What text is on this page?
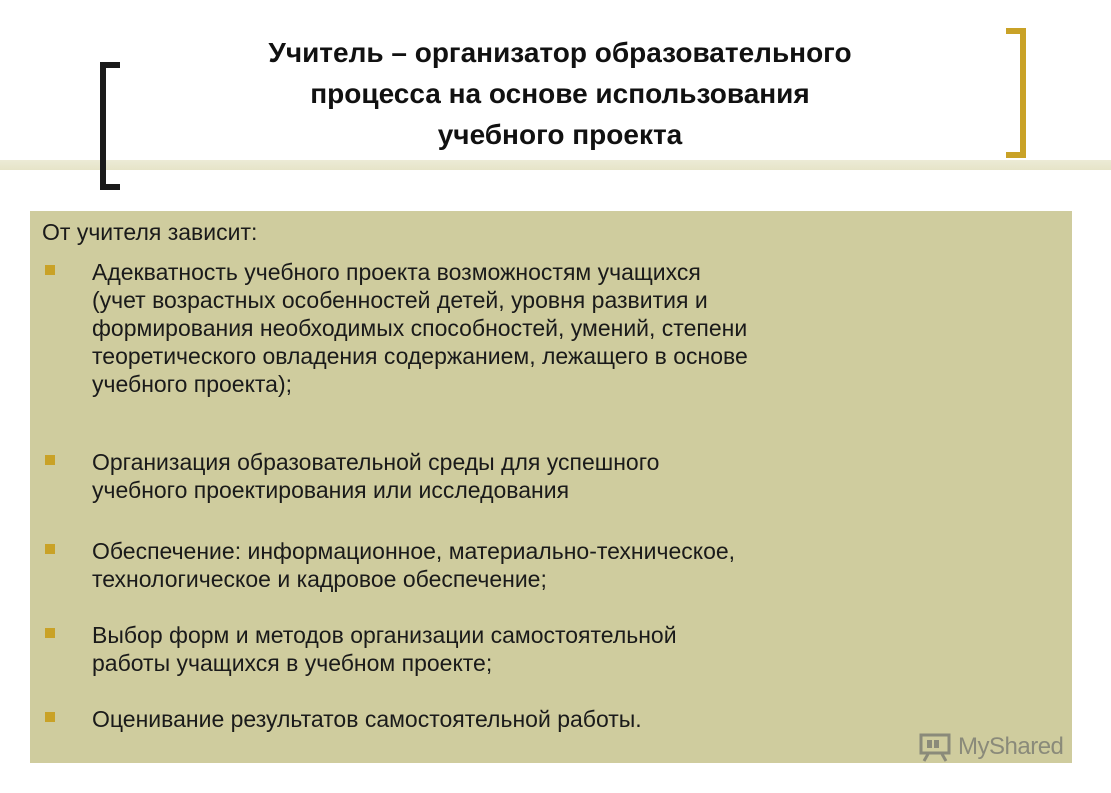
Учитель – организатор образовательного
процесса на основе использования
учебного проекта
От учителя зависит:
Адекватность учебного проекта возможностям учащихся
(учет возрастных особенностей детей, уровня развития и
формирования необходимых способностей, умений, степени
теоретического овладения содержанием, лежащего в основе
учебного проекта);
Организация образовательной среды для успешного
учебного проектирования или исследования
Обеспечение: информационное, материально-техническое,
технологическое и кадровое обеспечение;
Выбор форм и методов организации самостоятельной
работы учащихся в учебном проекте;
Оценивание результатов самостоятельной работы.
MyShared
